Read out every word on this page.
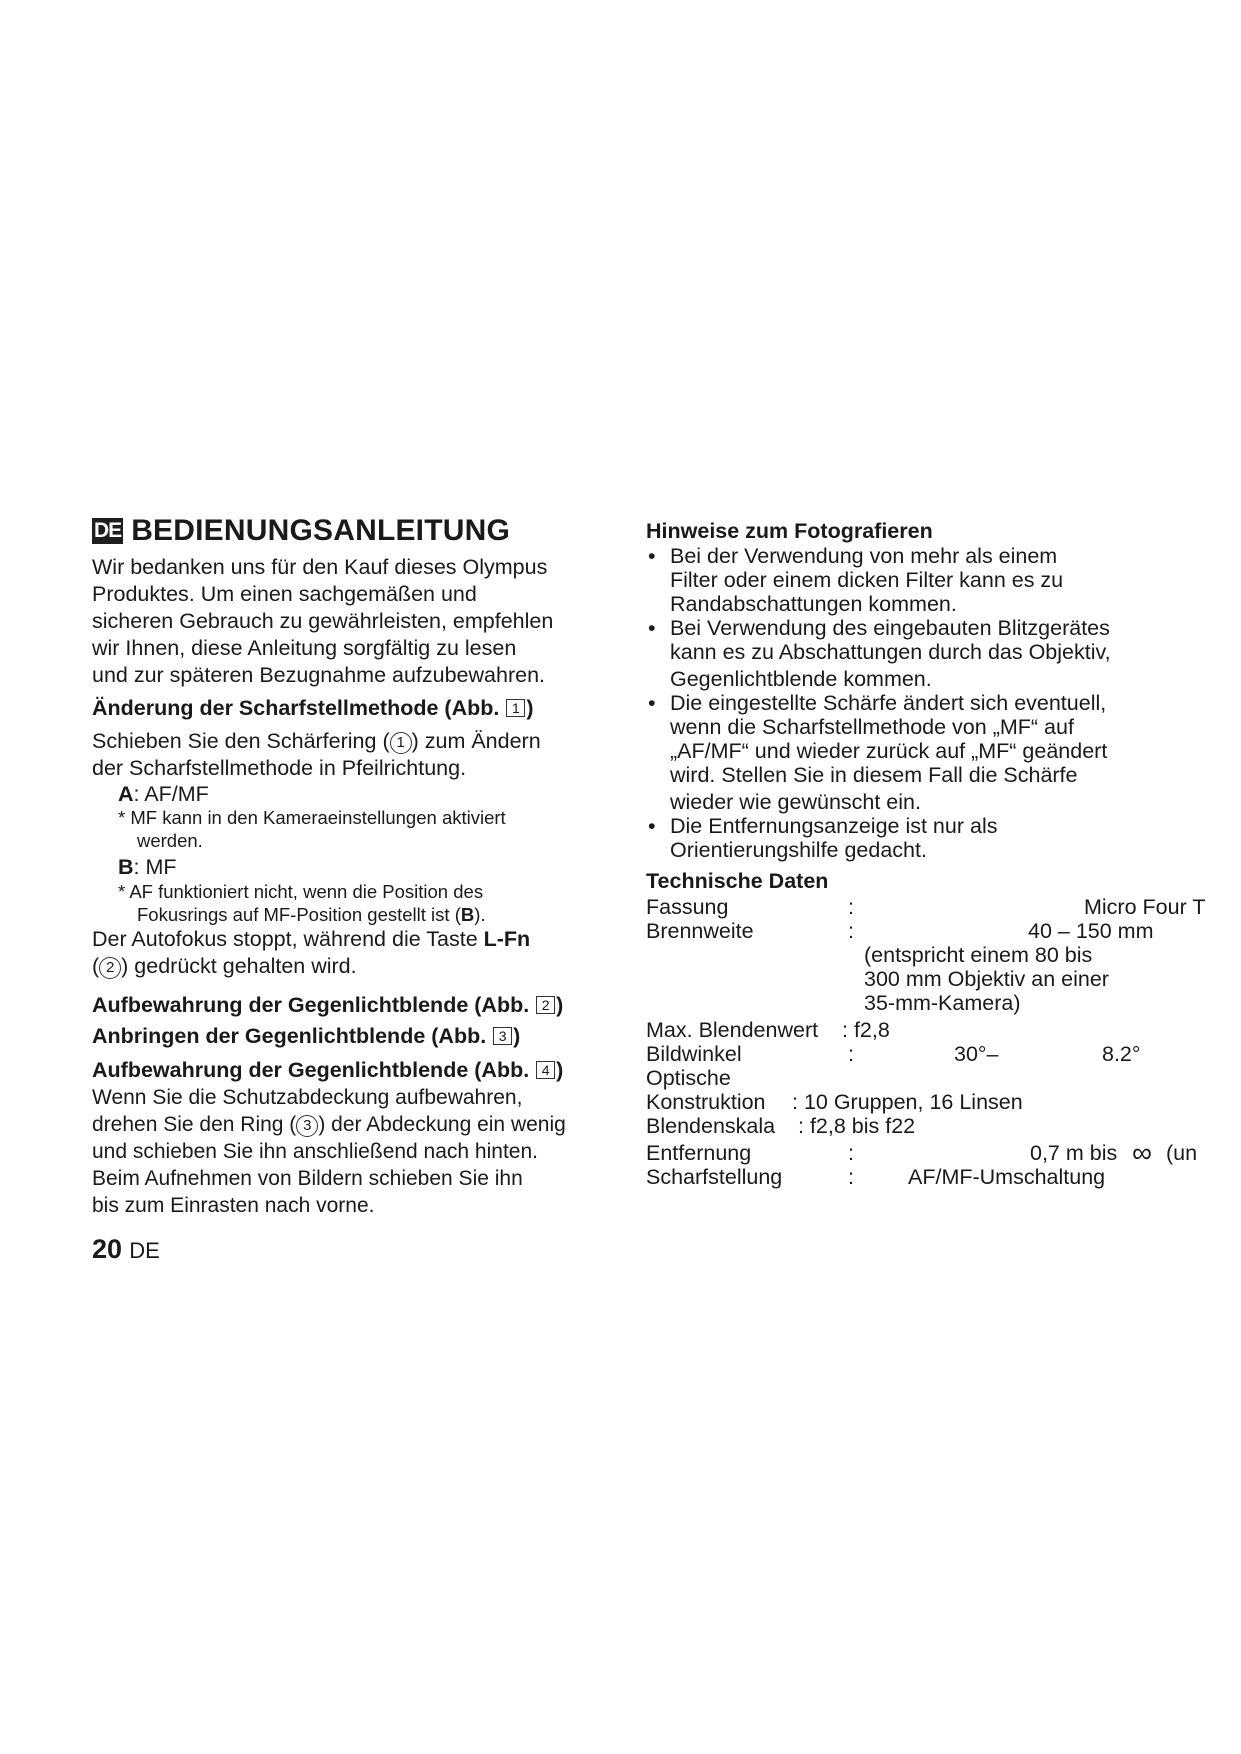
DE BEDIENUNGSANLEITUNG
Wir bedanken uns für den Kauf dieses Olympus
Produktes. Um einen sachgemäßen und
sicheren Gebrauch zu gewährleisten, empfehlen
wir Ihnen, diese Anleitung sorgfältig zu lesen
und zur späteren Bezugnahme aufzubewahren.
Änderung der Scharfstellmethode (Abb. 1 )
Schieben Sie den Schärfering ( 1 ) zum Ändern
der Scharfstellmethode in Pfeilrichtung.
A: AF/MF
* MF kann in den Kameraeinstellungen aktiviert
werden.
B: MF
* AF funktioniert nicht, wenn die Position des
Fokusrings auf MF-Position gestellt ist (B).
Der Autofokus stoppt, während die Taste L-Fn
( 2 ) gedrückt gehalten wird.
Aufbewahrung der Gegenlichtblende (Abb. 2 )
Anbringen der Gegenlichtblende (Abb. 3 )
Aufbewahrung der Gegenlichtblende (Abb. 4 )
Wenn Sie die Schutzabdeckung aufbewahren,
drehen Sie den Ring ( 3 ) der Abdeckung ein wenig
und schieben Sie ihn anschließend nach hinten.
Beim Aufnehmen von Bildern schieben Sie ihn
bis zum Einrasten nach vorne.
20 DE
Hinweise zum Fotografieren
• Bei der Verwendung von mehr als einem
Filter oder einem dicken Filter kann es zu
Randabschattungen kommen.
• Bei Verwendung des eingebauten Blitzgerätes
kann es zu Abschattungen durch das Objektiv,
Gegenlichtblende kommen.
• Die eingestellte Schärfe ändert sich eventuell,
wenn die Scharfstellmethode von „MF“ auf
„AF/MF“ und wieder zurück auf „MF“ geändert
wird. Stellen Sie in diesem Fall die Schärfe
wieder wie gewünscht ein.
• Die Entfernungsanzeige ist nur als
Orientierungshilfe gedacht.
Technische Daten
Fassung	:	Micro Four T
Brennweite	:	40 – 150 mm
(entspricht einem 80 bis
300 mm Objektiv an einer
35-mm-Kamera)
Max. Blendenwert : f2,8
Bildwinkel	:	30°–	8.2°
Optische
Konstruktion : 10 Gruppen, 16 Linsen
Blendenskala : f2,8 bis f22
Entfernung	:	0,7 m bis ∞ (un
Scharfstellung	:	AF/MF-Umschaltung
